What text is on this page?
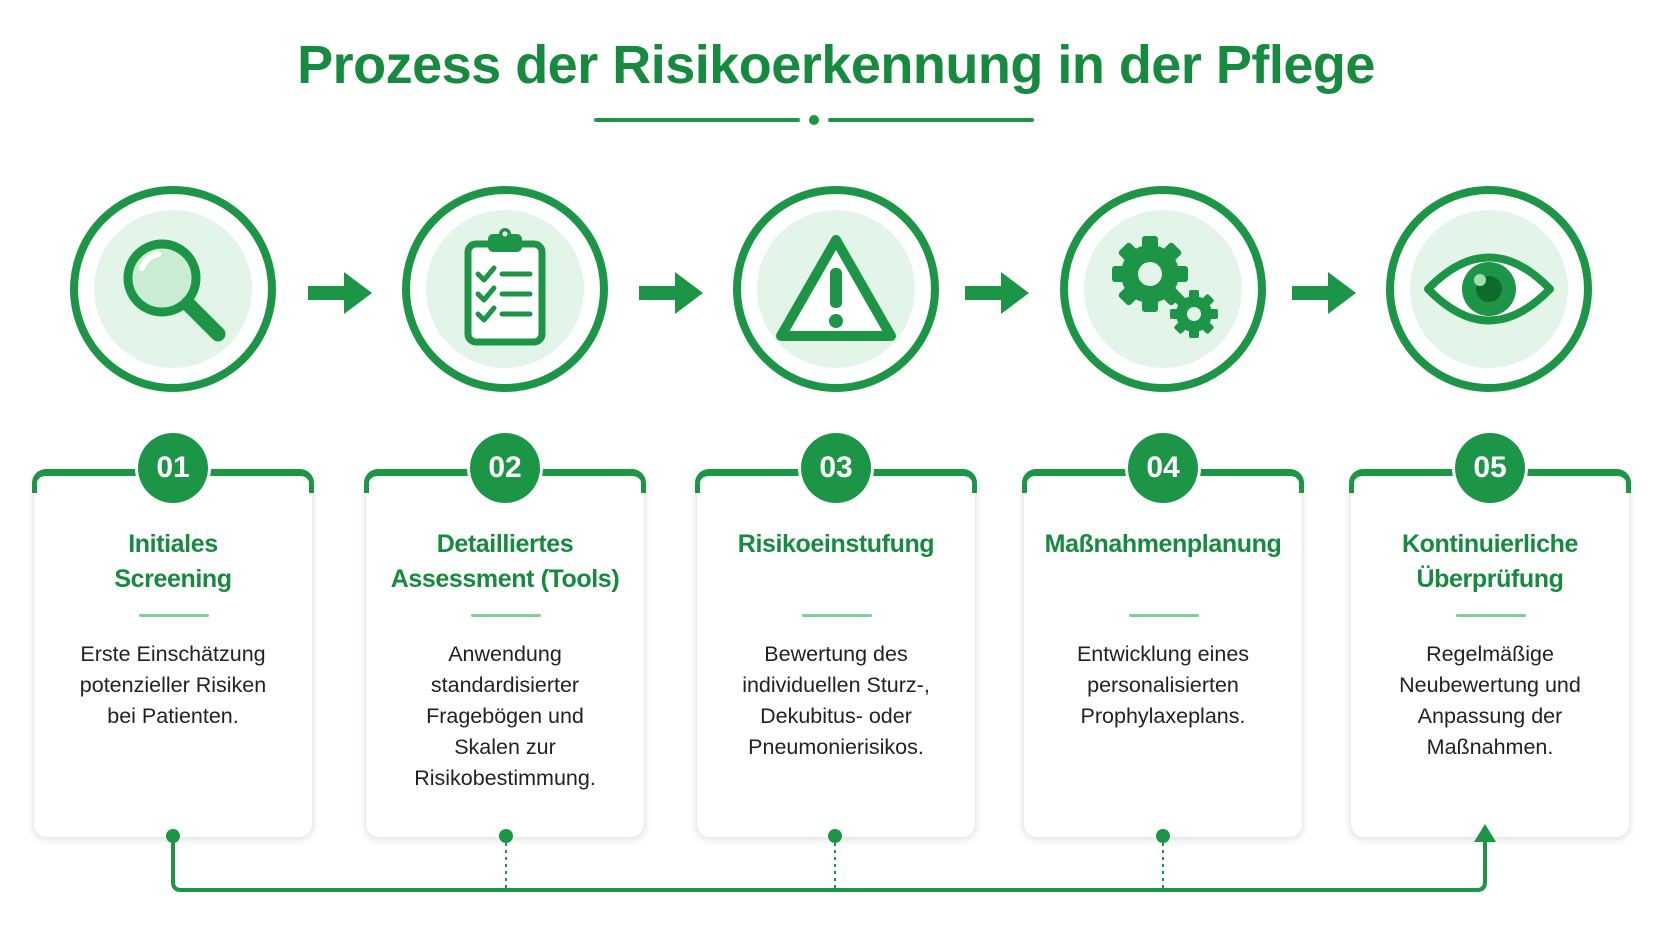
Prozess der Risikoerkennung in der Pflege
Initiales
Screening
Erste Einschätzung
potenzieller Risiken
bei Patienten.
Detailliertes
Assessment (Tools)
Anwendung
standardisierter
Fragebögen und
Skalen zur
Risikobestimmung.
Risikoeinstufung
Bewertung des
individuellen Sturz-,
Dekubitus- oder
Pneumonierisikos.
Maßnahmenplanung
Entwicklung eines
personalisierten
Prophylaxeplans.
Kontinuierliche
Überprüfung
Regelmäßige
Neubewertung und
Anpassung der
Maßnahmen.
01	02	03	04	05
